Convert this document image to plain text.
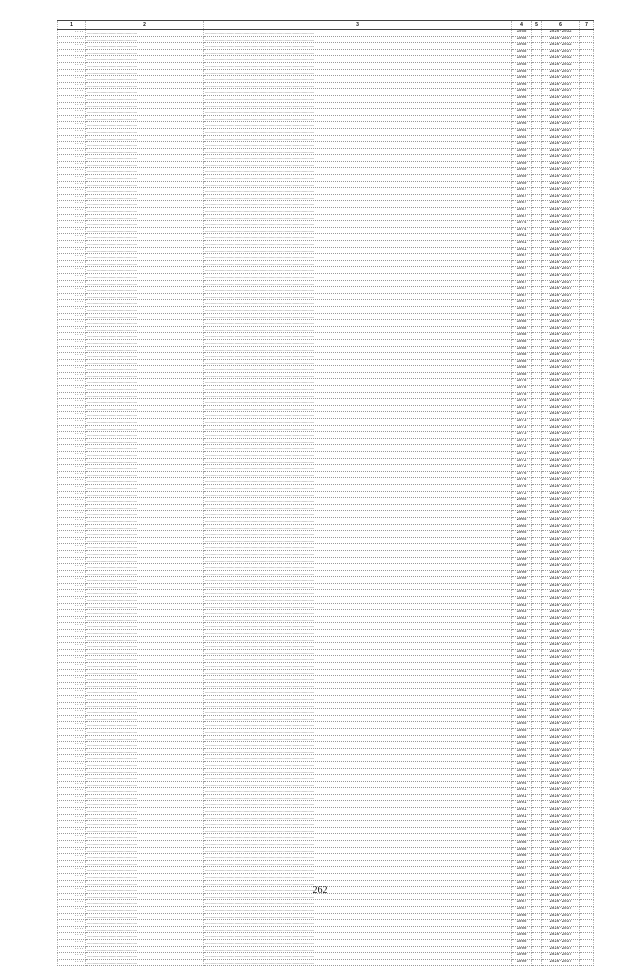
1	2	3	4	5	6	7
....	............................................	................................................................................................	1958		2026-2032	
....	............................................	................................................................................................	1968		2026-2037	
....	............................................	................................................................................................	1968		2026-2032	
....	............................................	................................................................................................	1968		2026-2037	
....	............................................	................................................................................................	1968		2026-2032	
....	............................................	................................................................................................	1968		2026-2032	
....	............................................	................................................................................................	1968		2026-2037	
....	............................................	................................................................................................	1996		2026-2037	
....	............................................	................................................................................................	1996		2026-2037	
....	............................................	................................................................................................	1996		2026-2037	
....	............................................	................................................................................................	1996		2026-2037	
....	............................................	................................................................................................	1996		2026-2037	
....	............................................	................................................................................................	1996		2026-2037	
....	............................................	................................................................................................	1996		2026-2037	
....	............................................	................................................................................................	1996		2026-2037	
....	............................................	................................................................................................	1964		2026-2037	
....	............................................	................................................................................................	1964		2026-2037	
....	............................................	................................................................................................	1969		2026-2037	
....	............................................	................................................................................................	1969		2026-2037	
....	............................................	................................................................................................	1969		2026-2037	
....	............................................	................................................................................................	1969		2026-2037	
....	............................................	................................................................................................	1969		2026-2037	
....	............................................	................................................................................................	1969		2026-2037	
....	............................................	................................................................................................	1969		2026-2037	
....	............................................	................................................................................................	1987		2026-2037	
....	............................................	................................................................................................	1987		2026-2037	
....	............................................	................................................................................................	1987		2026-2037	
....	............................................	................................................................................................	1987		2026-2037	
....	............................................	................................................................................................	1987		2026-2037	
....	............................................	................................................................................................	1974		2026-2037	
....	............................................	................................................................................................	1974		2026-2037	
....	............................................	................................................................................................	1961		2026-2037	
....	............................................	................................................................................................	1961		2026-2037	
....	............................................	................................................................................................	1961		2026-2037	
....	............................................	................................................................................................	1987		2026-2037	
....	............................................	................................................................................................	1987		2026-2037	
....	............................................	................................................................................................	1987		2026-2037	
....	............................................	................................................................................................	1987		2026-2037	
....	............................................	................................................................................................	1987		2026-2037	
....	............................................	................................................................................................	1987		2026-2037	
....	............................................	................................................................................................	1987		2026-2037	
....	............................................	................................................................................................	1987		2026-2037	
....	............................................	................................................................................................	1987		2026-2037	
....	............................................	................................................................................................	1987		2026-2037	
....	............................................	................................................................................................	1988		2026-2037	
....	............................................	................................................................................................	1988		2026-2037	
....	............................................	................................................................................................	1988		2026-2037	
....	............................................	................................................................................................	1988		2026-2037	
....	............................................	................................................................................................	1988		2026-2037	
....	............................................	................................................................................................	1988		2026-2037	
....	............................................	................................................................................................	1988		2026-2037	
....	............................................	................................................................................................	1988		2026-2037	
....	............................................	................................................................................................	1988		2026-2037	
....	............................................	................................................................................................	1978		2026-2037	
....	............................................	................................................................................................	1978		2026-2037	
....	............................................	................................................................................................	1978		2026-2037	
....	............................................	................................................................................................	1978		2026-2037	
....	............................................	................................................................................................	1973		2026-2037	
....	............................................	................................................................................................	1973		2026-2037	
....	............................................	................................................................................................	1973		2026-2037	
....	............................................	................................................................................................	1973		2026-2037	
....	............................................	................................................................................................	1973		2026-2037	
....	............................................	................................................................................................	1973		2026-2037	
....	............................................	................................................................................................	1972		2026-2037	
....	............................................	................................................................................................	1972		2026-2037	
....	............................................	................................................................................................	1972		2026-2037	
....	............................................	................................................................................................	1972		2026-2037	
....	............................................	................................................................................................	1976		2026-2037	
....	............................................	................................................................................................	1976		2026-2037	
....	............................................	................................................................................................	1976		2026-2037	
....	............................................	................................................................................................	1972		2026-2037	
....	............................................	................................................................................................	2005		2026-2037	
....	............................................	................................................................................................	2005		2026-2037	
....	............................................	................................................................................................	2005		2026-2037	
....	............................................	................................................................................................	2005		2026-2037	
....	............................................	................................................................................................	2005		2026-2037	
....	............................................	................................................................................................	2005		2026-2037	
....	............................................	................................................................................................	2005		2026-2037	
....	............................................	................................................................................................	2005		2026-2037	
....	............................................	................................................................................................	1990		2026-2037	
....	............................................	................................................................................................	1990		2026-2037	
....	............................................	................................................................................................	1990		2026-2037	
....	............................................	................................................................................................	1990		2026-2037	
....	............................................	................................................................................................	1990		2026-2037	
....	............................................	................................................................................................	1990		2026-2037	
....	............................................	................................................................................................	1983		2026-2037	
....	............................................	................................................................................................	1983		2026-2037	
....	............................................	................................................................................................	1983		2026-2037	
....	............................................	................................................................................................	1983		2026-2037	
....	............................................	................................................................................................	1983		2026-2037	
....	............................................	................................................................................................	1983		2026-2037	
....	............................................	................................................................................................	1983		2026-2037	
....	............................................	................................................................................................	1983		2026-2037	
....	............................................	................................................................................................	1983		2026-2037	
....	............................................	................................................................................................	1983		2026-2037	
....	............................................	................................................................................................	1983		2026-2037	
....	............................................	................................................................................................	1983		2026-2037	
....	............................................	................................................................................................	1981		2026-2037	
....	............................................	................................................................................................	1981		2026-2037	
....	............................................	................................................................................................	1981		2026-2037	
....	............................................	................................................................................................	1981		2026-2037	
....	............................................	................................................................................................	1981		2026-2037	
....	............................................	................................................................................................	1981		2026-2037	
....	............................................	................................................................................................	1981		2026-2037	
....	............................................	................................................................................................	1985		2026-2037	
....	............................................	................................................................................................	1985		2026-2037	
....	............................................	................................................................................................	1985		2026-2037	
....	............................................	................................................................................................	1985		2026-2037	
....	............................................	................................................................................................	1994		2026-2037	
....	............................................	................................................................................................	1994		2026-2037	
....	............................................	................................................................................................	1994		2026-2037	
....	............................................	................................................................................................	1994		2026-2037	
....	............................................	................................................................................................	1994		2026-2037	
....	............................................	................................................................................................	1994		2026-2037	
....	............................................	................................................................................................	1994		2026-2037	
....	............................................	................................................................................................	1991		2026-2037	
....	............................................	................................................................................................	1991		2026-2037	
....	............................................	................................................................................................	1991		2026-2037	
....	............................................	................................................................................................	1991		2026-2037	
....	............................................	................................................................................................	1991		2026-2037	
....	............................................	................................................................................................	1991		2026-2037	
....	............................................	................................................................................................	1986		2026-2037	
....	............................................	................................................................................................	1986		2026-2037	
....	............................................	................................................................................................	1986		2026-2037	
....	............................................	................................................................................................	1986		2026-2037	
....	............................................	................................................................................................	1986		2026-2037	
....	............................................	................................................................................................	1987		2026-2037	
....	............................................	................................................................................................	1987		2026-2037	
....	............................................	................................................................................................	1987		2026-2037	
....	............................................	................................................................................................	1987		2026-2037	
....	............................................	................................................................................................	1987		2026-2037	
....	............................................	................................................................................................	1987		2026-2037	
....	............................................	................................................................................................	1987		2026-2037	
....	............................................	................................................................................................	1987		2026-2037	
....	............................................	................................................................................................	1986		2026-2037	
....	............................................	................................................................................................	1986		2026-2037	
....	............................................	................................................................................................	1986		2026-2037	
....	............................................	................................................................................................	1986		2026-2037	
....	............................................	................................................................................................	1986		2026-2037	
....	............................................	................................................................................................	1990		2026-2037	
....	............................................	................................................................................................	1990		2026-2037	
....	............................................	................................................................................................	1990		2026-2037	
262
